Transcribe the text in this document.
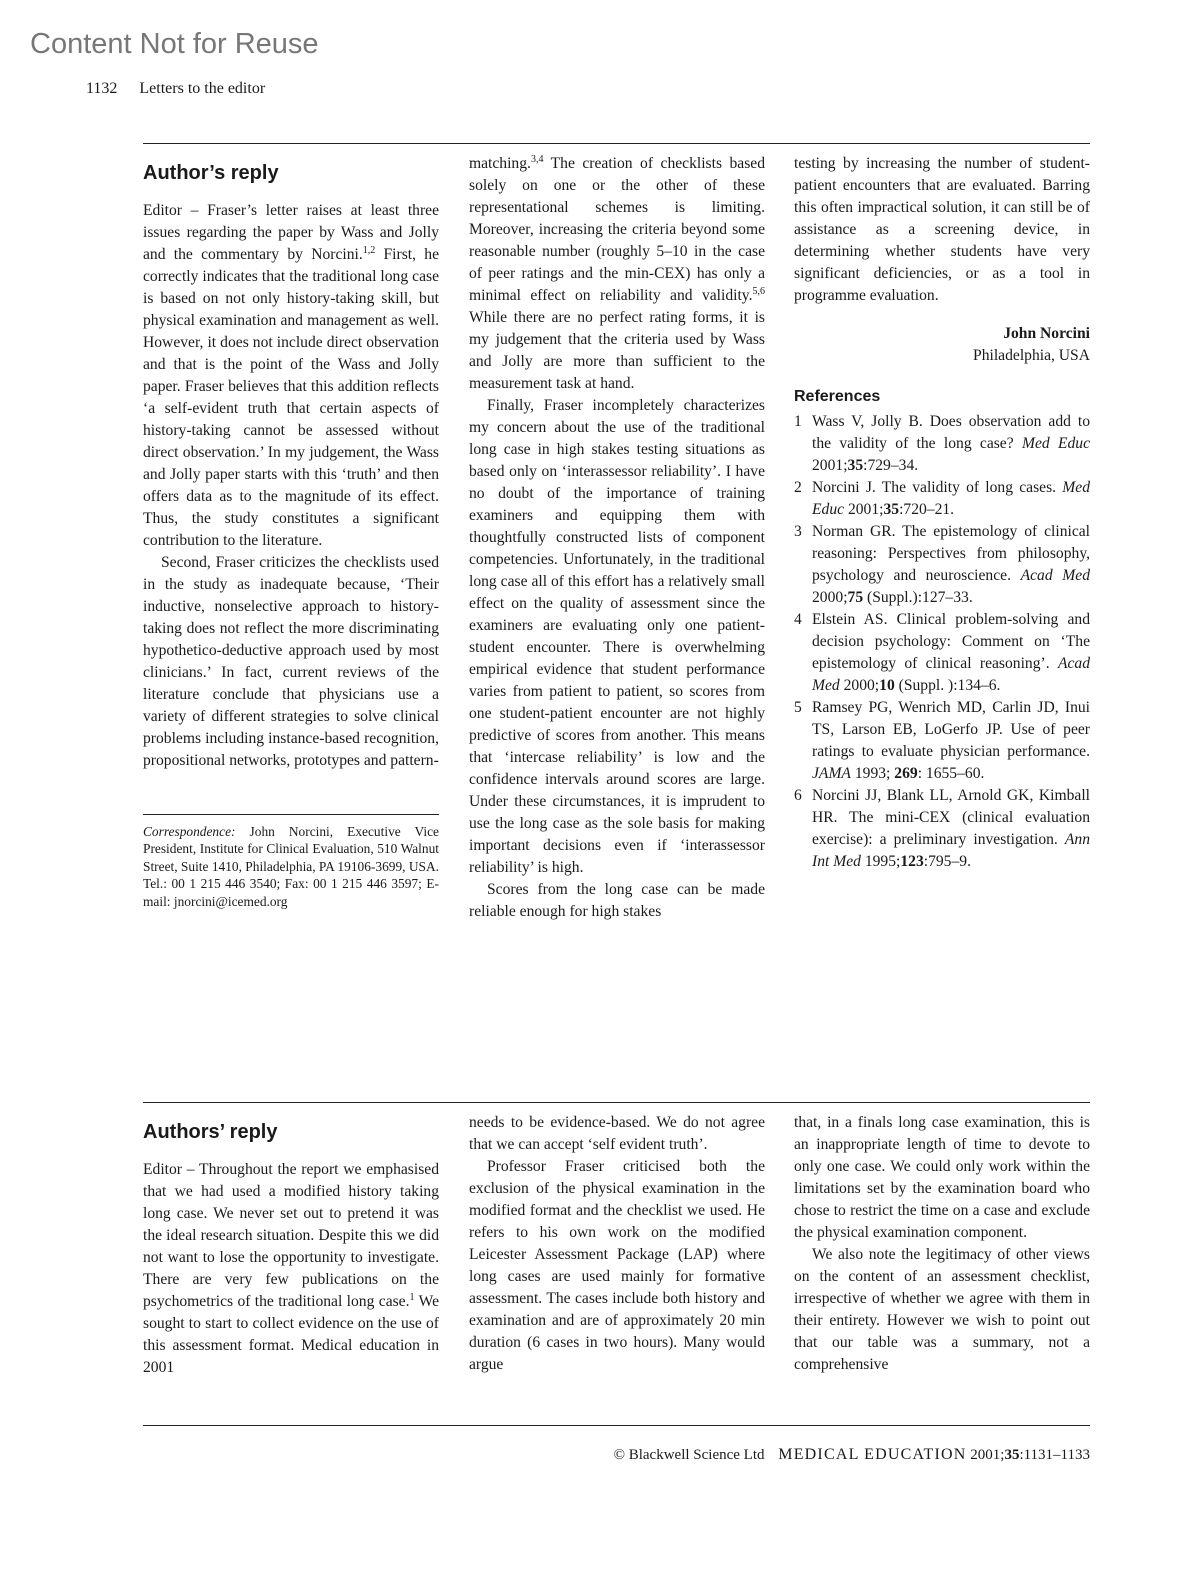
Content Not for Reuse
1132 Letters to the editor
Author’s reply

Editor – Fraser’s letter raises at least three issues regarding the paper by Wass and Jolly and the commentary by Norcini.$^{1,2}$ First, he correctly indicates that the traditional long case is based on not only history-taking skill, but physical examination and management as well. However, it does not include direct observation and that is the point of the Wass and Jolly paper. Fraser believes that this addition reflects ‘a self-evident truth that certain aspects of history-taking cannot be assessed without direct observation.’ In my judgement, the Wass and Jolly paper starts with this ‘truth’ and then offers data as to the magnitude of its effect. Thus, the study constitutes a significant contribution to the literature.

Second, Fraser criticizes the checklists used in the study as inadequate because, ‘Their inductive, nonselective approach to history-taking does not reflect the more discriminating hypothetico-deductive approach used by most clinicians.’ In fact, current reviews of the literature conclude that physicians use a variety of different strategies to solve clinical problems including instance-based recognition, propositional networks, prototypes and pattern-

Correspondence: John Norcini, Executive Vice President, Institute for Clinical Evaluation, 510 Walnut Street, Suite 1410, Philadelphia, PA 19106-3699, USA. Tel.: 00 1 215 446 3540; Fax: 00 1 215 446 3597; E-mail: jnorcini@icemed.org

matching.$^{3,4}$ The creation of checklists based solely on one or the other of these representational schemes is limiting. Moreover, increasing the criteria beyond some reasonable number (roughly 5–10 in the case of peer ratings and the min-CEX) has only a minimal effect on reliability and validity.$^{5,6}$ While there are no perfect rating forms, it is my judgement that the criteria used by Wass and Jolly are more than sufficient to the measurement task at hand.

Finally, Fraser incompletely characterizes my concern about the use of the traditional long case in high stakes testing situations as based only on ‘interassessor reliability’. I have no doubt of the importance of training examiners and equipping them with thoughtfully constructed lists of component competencies. Unfortunately, in the traditional long case all of this effort has a relatively small effect on the quality of assessment since the examiners are evaluating only one patient-student encounter. There is overwhelming empirical evidence that student performance varies from patient to patient, so scores from one student-patient encounter are not highly predictive of scores from another. This means that ‘intercase reliability’ is low and the confidence intervals around scores are large. Under these circumstances, it is imprudent to use the long case as the sole basis for making important decisions even if ‘interassessor reliability’ is high.

Scores from the long case can be made reliable enough for high stakes

testing by increasing the number of student-patient encounters that are evaluated. Barring this often impractical solution, it can still be of assistance as a screening device, in determining whether students have very significant deficiencies, or as a tool in programme evaluation.

John Norcini
Philadelphia, USA
References
1 Wass V, Jolly B. Does observation add to the validity of the long case? Med Educ 2001;35:729–34.
2 Norcini J. The validity of long cases. Med Educ 2001;35:720–21.
3 Norman GR. The epistemology of clinical reasoning: Perspectives from philosophy, psychology and neuroscience. Acad Med 2000;75 (Suppl.):127–33.
4 Elstein AS. Clinical problem-solving and decision psychology: Comment on ‘The epistemology of clinical reasoning’. Acad Med 2000;10 (Suppl. ):134–6.
5 Ramsey PG, Wenrich MD, Carlin JD, Inui TS, Larson EB, LoGerfo JP. Use of peer ratings to evaluate physician performance. JAMA 1993; 269: 1655–60.
6 Norcini JJ, Blank LL, Arnold GK, Kimball HR. The mini-CEX (clinical evaluation exercise): a preliminary investigation. Ann Int Med 1995;123:795–9.
Authors’ reply

Editor – Throughout the report we emphasised that we had used a modified history taking long case. We never set out to pretend it was the ideal research situation. Despite this we did not want to lose the opportunity to investigate. There are very few publications on the psychometrics of the traditional long case.$^1$ We sought to start to collect evidence on the use of this assessment format. Medical education in 2001

needs to be evidence-based. We do not agree that we can accept ‘self evident truth’.

Professor Fraser criticised both the exclusion of the physical examination in the modified format and the checklist we used. He refers to his own work on the modified Leicester Assessment Package (LAP) where long cases are used mainly for formative assessment. The cases include both history and examination and are of approximately 20 min duration (6 cases in two hours). Many would argue

that, in a finals long case examination, this is an inappropriate length of time to devote to only one case. We could only work within the limitations set by the examination board who chose to restrict the time on a case and exclude the physical examination component.

We also note the legitimacy of other views on the content of an assessment checklist, irrespective of whether we agree with them in their entirety. However we wish to point out that our table was a summary, not a comprehensive

© Blackwell Science Ltd MEDICAL EDUCATION 2001;35:1131–1133
